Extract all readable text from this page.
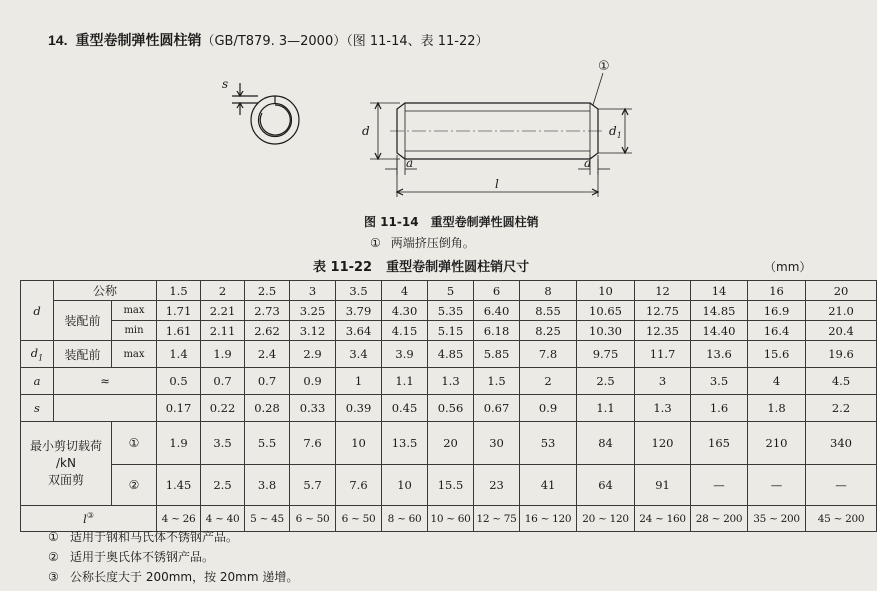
14. 重型卷制弹性圆柱销（GB/T879. 3—2000）（图 11-14、表 11-22）
s
d	$d_1$
a	a
l
①
图 11-14 重型卷制弹性圆柱销
① 两端挤压倒角。
表 11-22 重型卷制弹性圆柱销尺寸	（mm）
d	公称		1.5	2	2.5	3	3.5	4	5	6	8	10	12	14	16	20
	装配前	max	1.71	2.21	2.73	3.25	3.79	4.30	5.35	6.40	8.55	10.65	12.75	14.85	16.9	21.0
		min	1.61	2.11	2.62	3.12	3.64	4.15	5.15	6.18	8.25	10.30	12.35	14.40	16.4	20.4
$d_1$	装配前	max	1.4	1.9	2.4	2.9	3.4	3.9	4.85	5.85	7.8	9.75	11.7	13.6	15.6	19.6
a	≈		0.5	0.7	0.7	0.9	1	1.1	1.3	1.5	2	2.5	3	3.5	4	4.5
s			0.17	0.22	0.28	0.33	0.39	0.45	0.56	0.67	0.9	1.1	1.3	1.6	1.8	2.2

最小剪切载荷
/kN
双面剪		①	1.9	3.5	5.5	7.6	10	13.5	20	30	53	84	120	165	210	340
		②	1.45	2.5	3.8	5.7	7.6	10	15.5	23	41	64	91	—	—	—
l③			4 ~ 26	4 ~ 40	5 ~ 45	6 ~ 50	6 ~ 50	8 ~ 60	10 ~ 60	12 ~ 75	16 ~ 120	20 ~ 120	24 ~ 160	28 ~ 200	35 ~ 200	45 ~ 200
① 适用于钢和马氏体不锈钢产品。
② 适用于奥氏体不锈钢产品。
③ 公称长度大于 200mm，按 20mm 递增。
